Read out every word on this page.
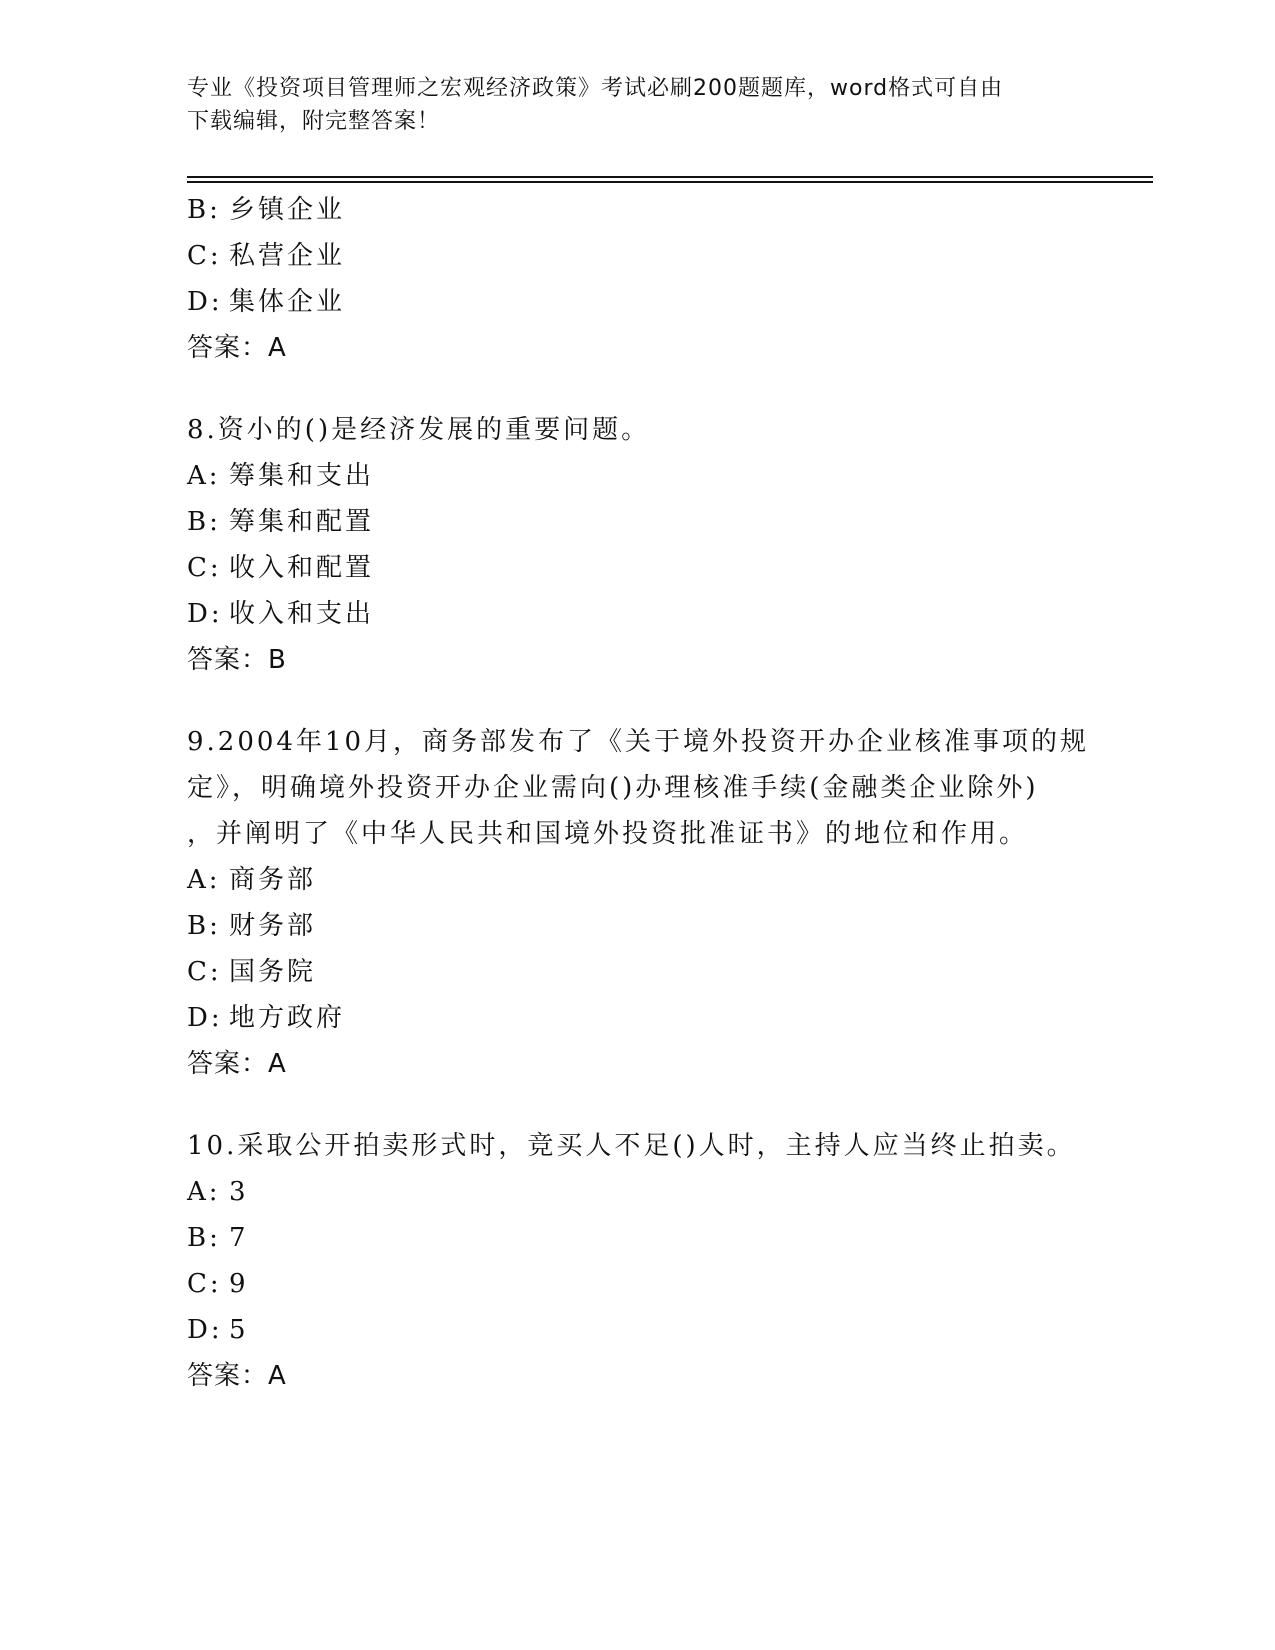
专业《投资项目管理师之宏观经济政策》考试必刷200题题库，word格式可自由

下载编辑，附完整答案！

B: 乡镇企业
C: 私营企业
D: 集体企业
答案：A

8.资小的()是经济发展的重要问题。

A: 筹集和支出
B: 筹集和配置
C: 收入和配置
D: 收入和支出
答案：B

9.2004年10月，商务部发布了《关于境外投资开办企业核准事项的规

定》，明确境外投资开办企业需向()办理核准手续(金融类企业除外)

，并阐明了《中华人民共和国境外投资批准证书》的地位和作用。

A: 商务部
B: 财务部
C: 国务院
D: 地方政府
答案：A

10.采取公开拍卖形式时，竞买人不足()人时，主持人应当终止拍卖。

A: 3
B: 7
C: 9
D: 5
答案：A
